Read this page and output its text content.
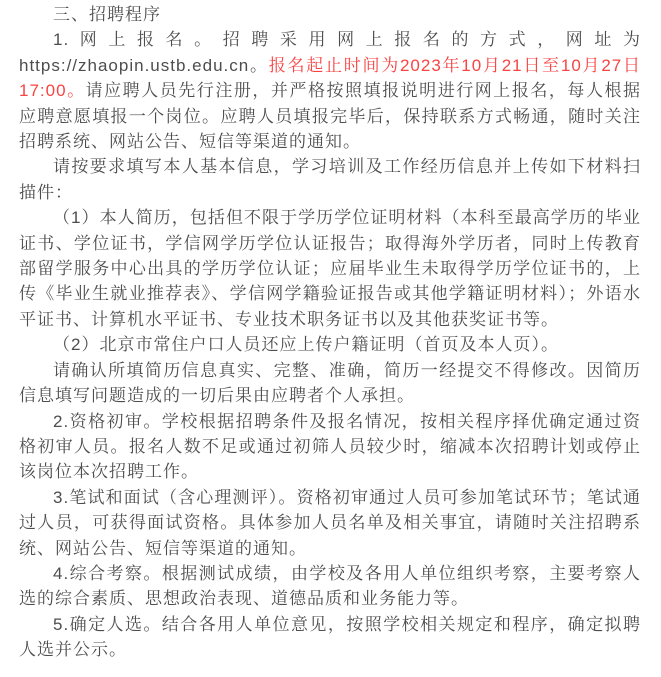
三、招聘程序

1.网上报名。招聘采用网上报名的方式，网址为https://zhaopin.ustb.edu.cn。报名起止时间为2023年10月21日至10月27日17:00。请应聘人员先行注册，并严格按照填报说明进行网上报名，每人根据应聘意愿填报一个岗位。应聘人员填报完毕后，保持联系方式畅通，随时关注招聘系统、网站公告、短信等渠道的通知。

请按要求填写本人基本信息，学习培训及工作经历信息并上传如下材料扫描件：

（1）本人简历，包括但不限于学历学位证明材料（本科至最高学历的毕业证书、学位证书，学信网学历学位认证报告；取得海外学历者，同时上传教育部留学服务中心出具的学历学位认证；应届毕业生未取得学历学位证书的，上传《毕业生就业推荐表》、学信网学籍验证报告或其他学籍证明材料）；外语水平证书、计算机水平证书、专业技术职务证书以及其他获奖证书等。

（2）北京市常住户口人员还应上传户籍证明（首页及本人页）。

请确认所填简历信息真实、完整、准确，简历一经提交不得修改。因简历信息填写问题造成的一切后果由应聘者个人承担。

2.资格初审。学校根据招聘条件及报名情况，按相关程序择优确定通过资格初审人员。报名人数不足或通过初筛人员较少时，缩减本次招聘计划或停止该岗位本次招聘工作。

3.笔试和面试（含心理测评）。资格初审通过人员可参加笔试环节；笔试通过人员，可获得面试资格。具体参加人员名单及相关事宜，请随时关注招聘系统、网站公告、短信等渠道的通知。

4.综合考察。根据测试成绩，由学校及各用人单位组织考察，主要考察人选的综合素质、思想政治表现、道德品质和业务能力等。

5.确定人选。结合各用人单位意见，按照学校相关规定和程序，确定拟聘人选并公示。
